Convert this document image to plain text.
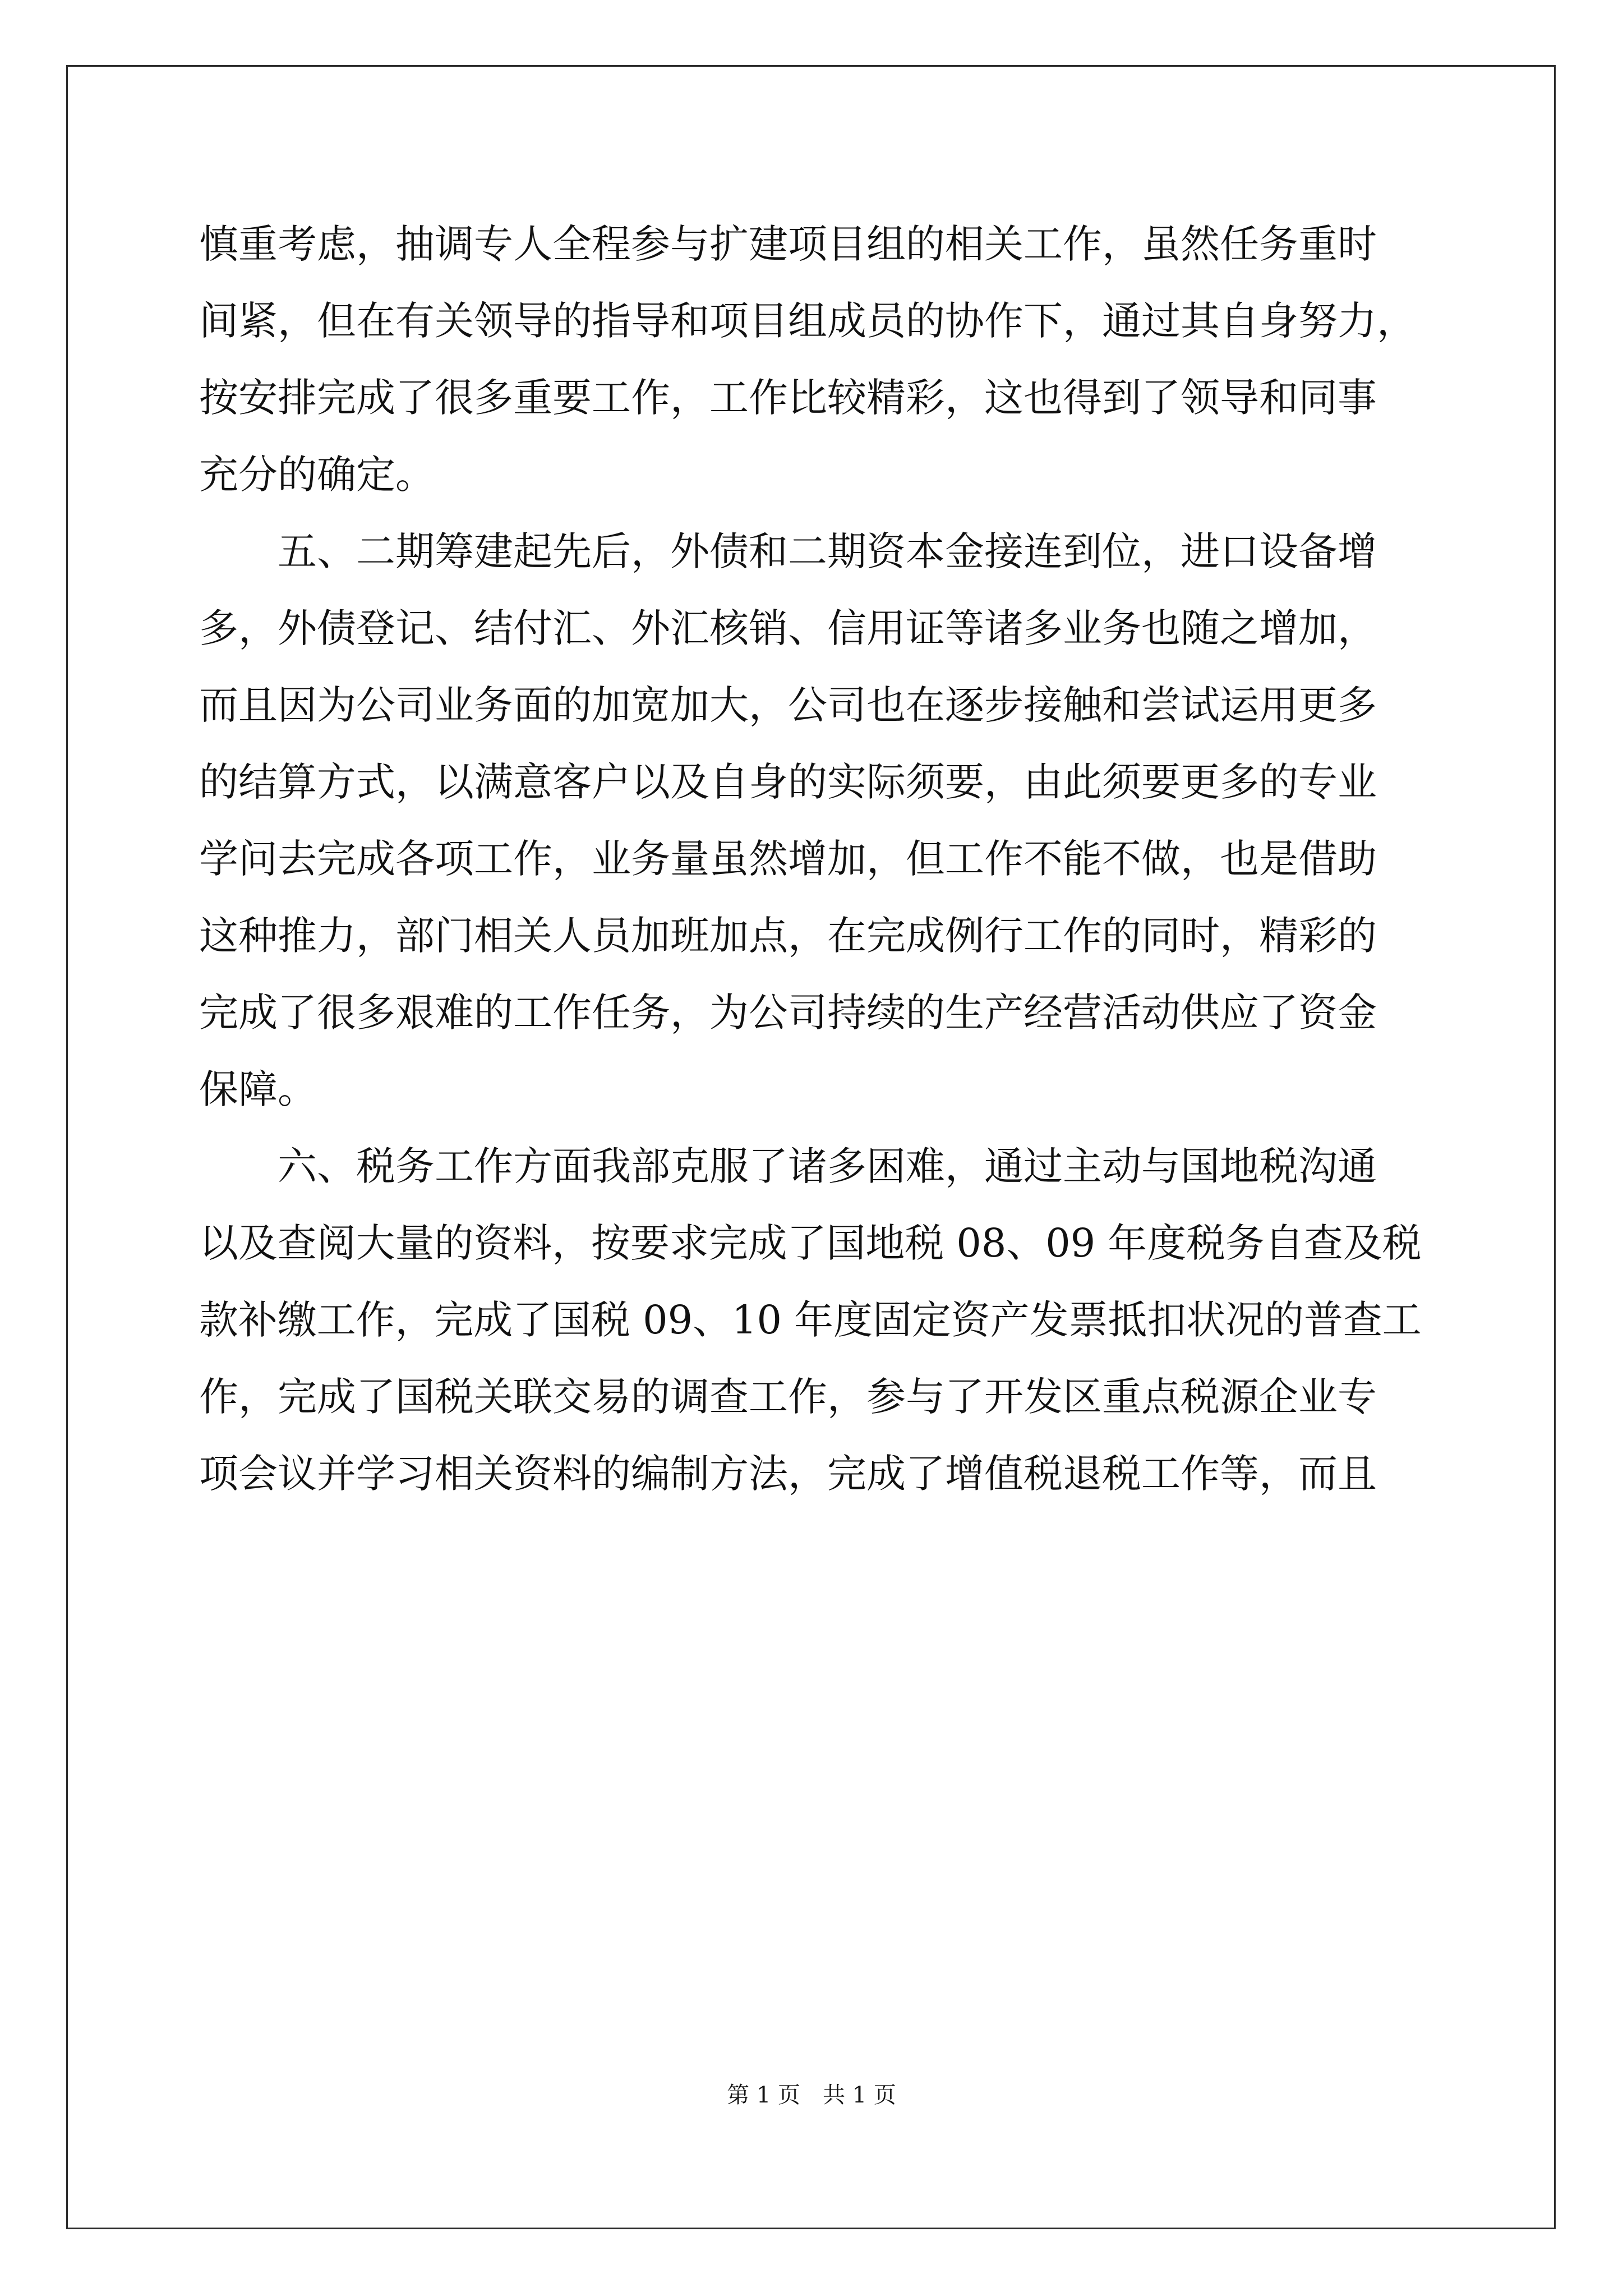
慎重考虑，抽调专人全程参与扩建项目组的相关工作，虽然任务重时
间紧，但在有关领导的指导和项目组成员的协作下，通过其自身努力，
按安排完成了很多重要工作，工作比较精彩，这也得到了领导和同事
充分的确定。
五、二期筹建起先后，外债和二期资本金接连到位，进口设备增
多，外债登记、结付汇、外汇核销、信用证等诸多业务也随之增加，
而且因为公司业务面的加宽加大，公司也在逐步接触和尝试运用更多
的结算方式，以满意客户以及自身的实际须要，由此须要更多的专业
学问去完成各项工作，业务量虽然增加，但工作不能不做，也是借助
这种推力，部门相关人员加班加点，在完成例行工作的同时，精彩的
完成了很多艰难的工作任务，为公司持续的生产经营活动供应了资金
保障。
六、税务工作方面我部克服了诸多困难，通过主动与国地税沟通
以及查阅大量的资料，按要求完成了国地税 08、09 年度税务自查及税
款补缴工作，完成了国税 09、10 年度固定资产发票抵扣状况的普查工
作，完成了国税关联交易的调查工作，参与了开发区重点税源企业专
项会议并学习相关资料的编制方法，完成了增值税退税工作等，而且
第 1 页　共 1 页
